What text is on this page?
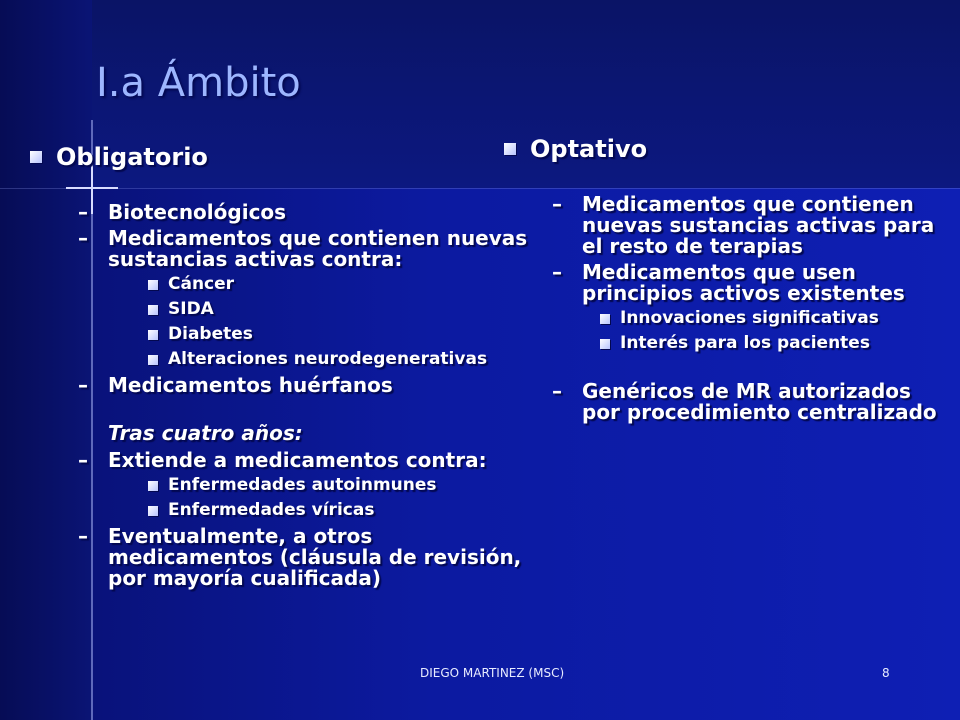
I.a Ámbito
Obligatorio
–	Biotecnológicos
–	Medicamentos que contienen nuevas sustancias activas contra:
Cáncer
SIDA
Diabetes
Alteraciones neurodegenerativas
–	Medicamentos huérfanos
Tras cuatro años:
–	Extiende a medicamentos contra:
Enfermedades autoinmunes
Enfermedades víricas
–	Eventualmente, a otros medicamentos (cláusula de revisión, por mayoría cualificada)
Optativo
–	Medicamentos que contienen nuevas sustancias activas para el resto de terapias
–	Medicamentos que usen principios activos existentes
Innovaciones significativas
Interés para los pacientes
–	Genéricos de MR autorizados por procedimiento centralizado
DIEGO MARTINEZ (MSC)	8
